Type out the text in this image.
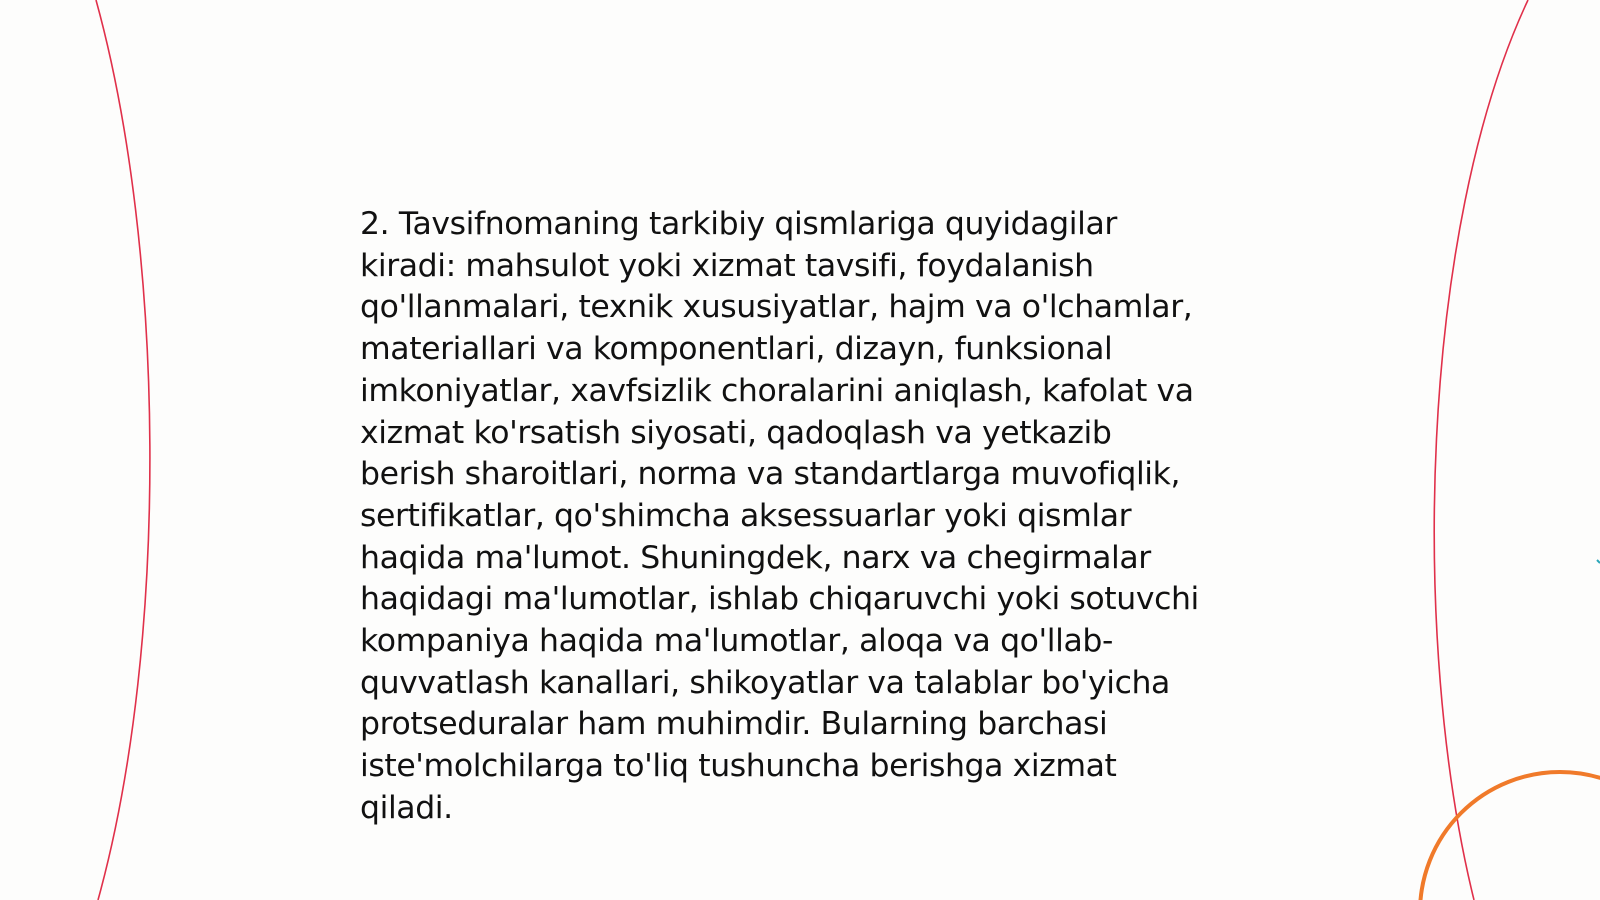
2. Tavsifnomaning tarkibiy qismlariga quyidagilar
kiradi: mahsulot yoki xizmat tavsifi, foydalanish
qo'llanmalari, texnik xususiyatlar, hajm va o'lchamlar,
materiallari va komponentlari, dizayn, funksional
imkoniyatlar, xavfsizlik choralarini aniqlash, kafolat va
xizmat ko'rsatish siyosati, qadoqlash va yetkazib
berish sharoitlari, norma va standartlarga muvofiqlik,
sertifikatlar, qo'shimcha aksessuarlar yoki qismlar
haqida ma'lumot. Shuningdek, narx va chegirmalar
haqidagi ma'lumotlar, ishlab chiqaruvchi yoki sotuvchi
kompaniya haqida ma'lumotlar, aloqa va qo'llab-
quvvatlash kanallari, shikoyatlar va talablar bo'yicha
protseduralar ham muhimdir. Bularning barchasi
iste'molchilarga to'liq tushuncha berishga xizmat
qiladi.
